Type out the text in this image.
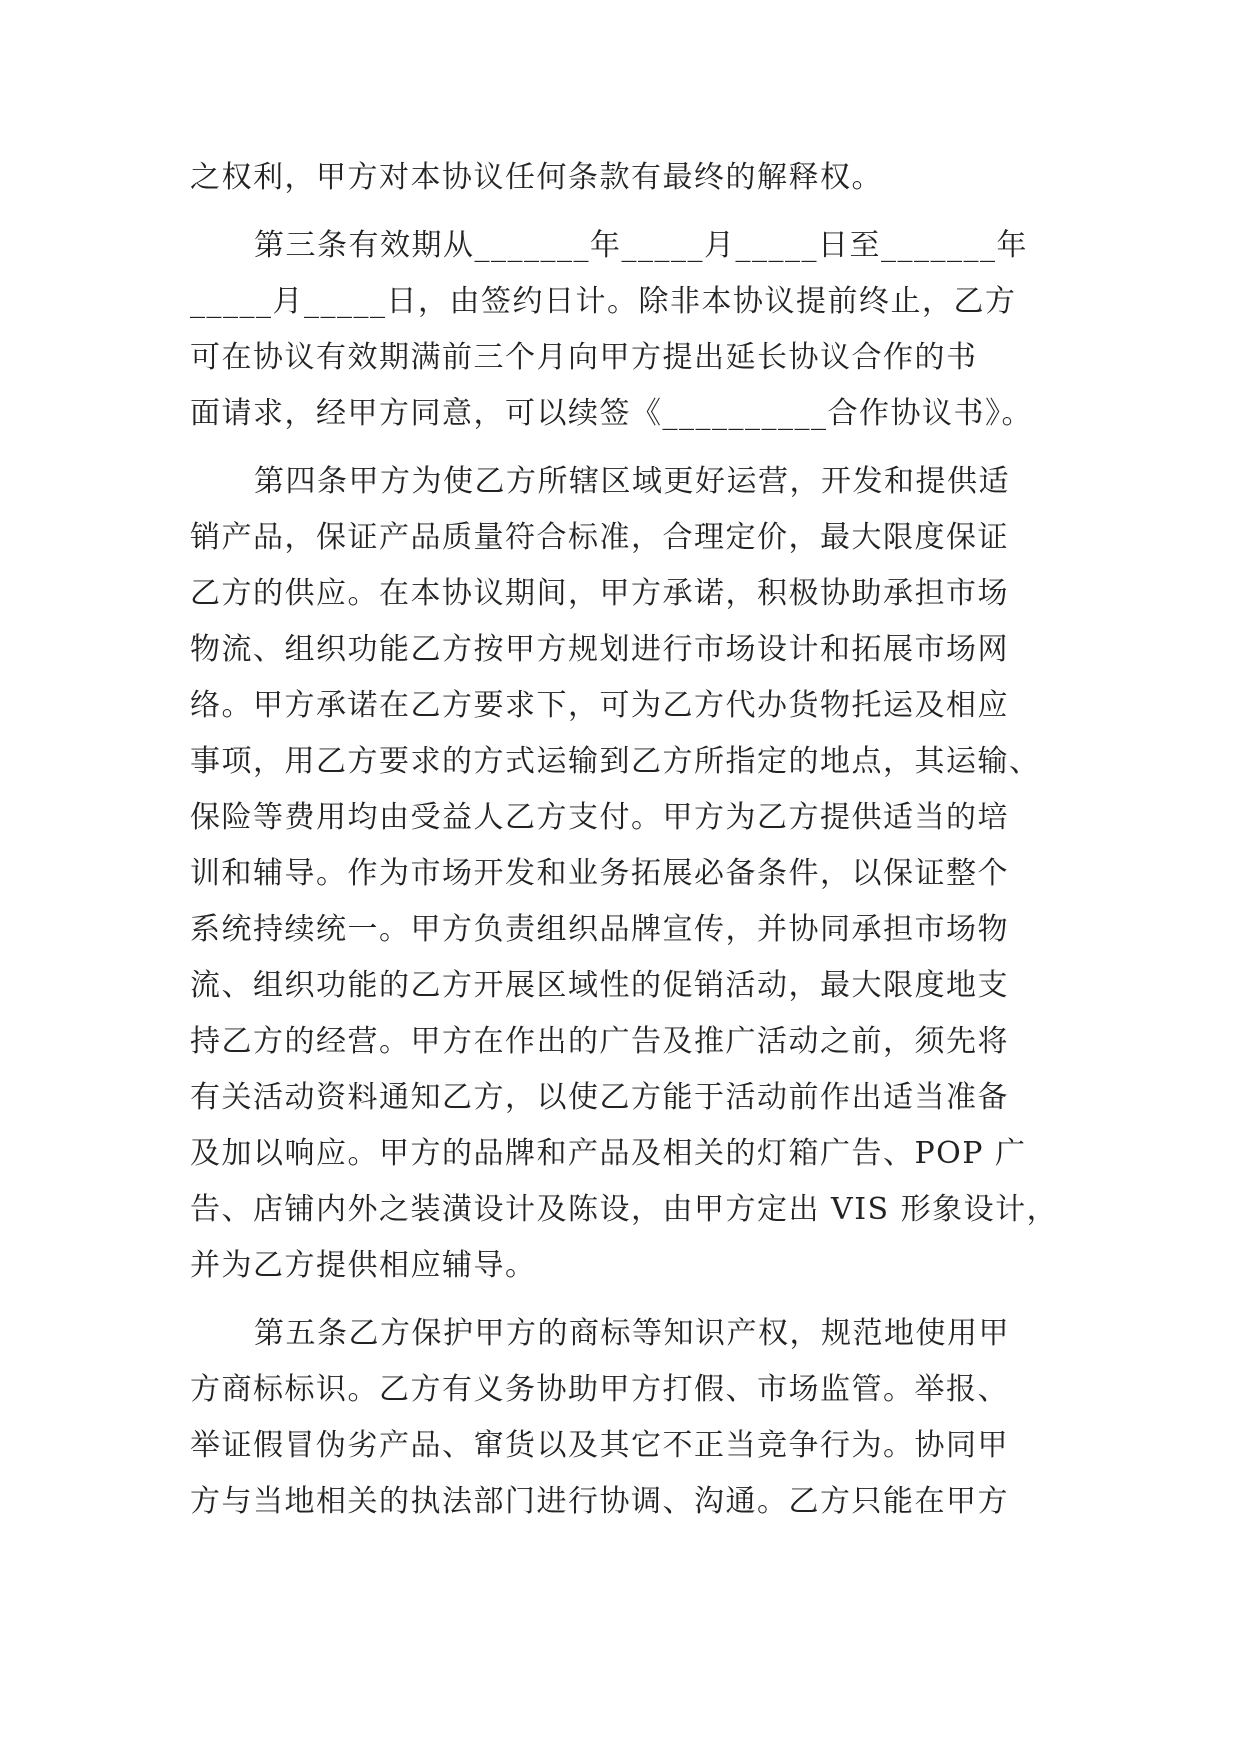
之权利，甲方对本协议任何条款有最终的解释权。
第三条有效期从_______年_____月_____日至_______年
_____月_____日，由签约日计。除非本协议提前终止，乙方
可在协议有效期满前三个月向甲方提出延长协议合作的书
面请求，经甲方同意，可以续签《__________合作协议书》。
第四条甲方为使乙方所辖区域更好运营，开发和提供适
销产品，保证产品质量符合标准，合理定价，最大限度保证
乙方的供应。在本协议期间，甲方承诺，积极协助承担市场
物流、组织功能乙方按甲方规划进行市场设计和拓展市场网
络。甲方承诺在乙方要求下，可为乙方代办货物托运及相应
事项，用乙方要求的方式运输到乙方所指定的地点，其运输、
保险等费用均由受益人乙方支付。甲方为乙方提供适当的培
训和辅导。作为市场开发和业务拓展必备条件，以保证整个
系统持续统一。甲方负责组织品牌宣传，并协同承担市场物
流、组织功能的乙方开展区域性的促销活动，最大限度地支
持乙方的经营。甲方在作出的广告及推广活动之前，须先将
有关活动资料通知乙方，以使乙方能于活动前作出适当准备
及加以响应。甲方的品牌和产品及相关的灯箱广告、POP 广
告、店铺内外之装潢设计及陈设，由甲方定出 VIS 形象设计，
并为乙方提供相应辅导。
第五条乙方保护甲方的商标等知识产权，规范地使用甲
方商标标识。乙方有义务协助甲方打假、市场监管。举报、
举证假冒伪劣产品、窜货以及其它不正当竞争行为。协同甲
方与当地相关的执法部门进行协调、沟通。乙方只能在甲方
